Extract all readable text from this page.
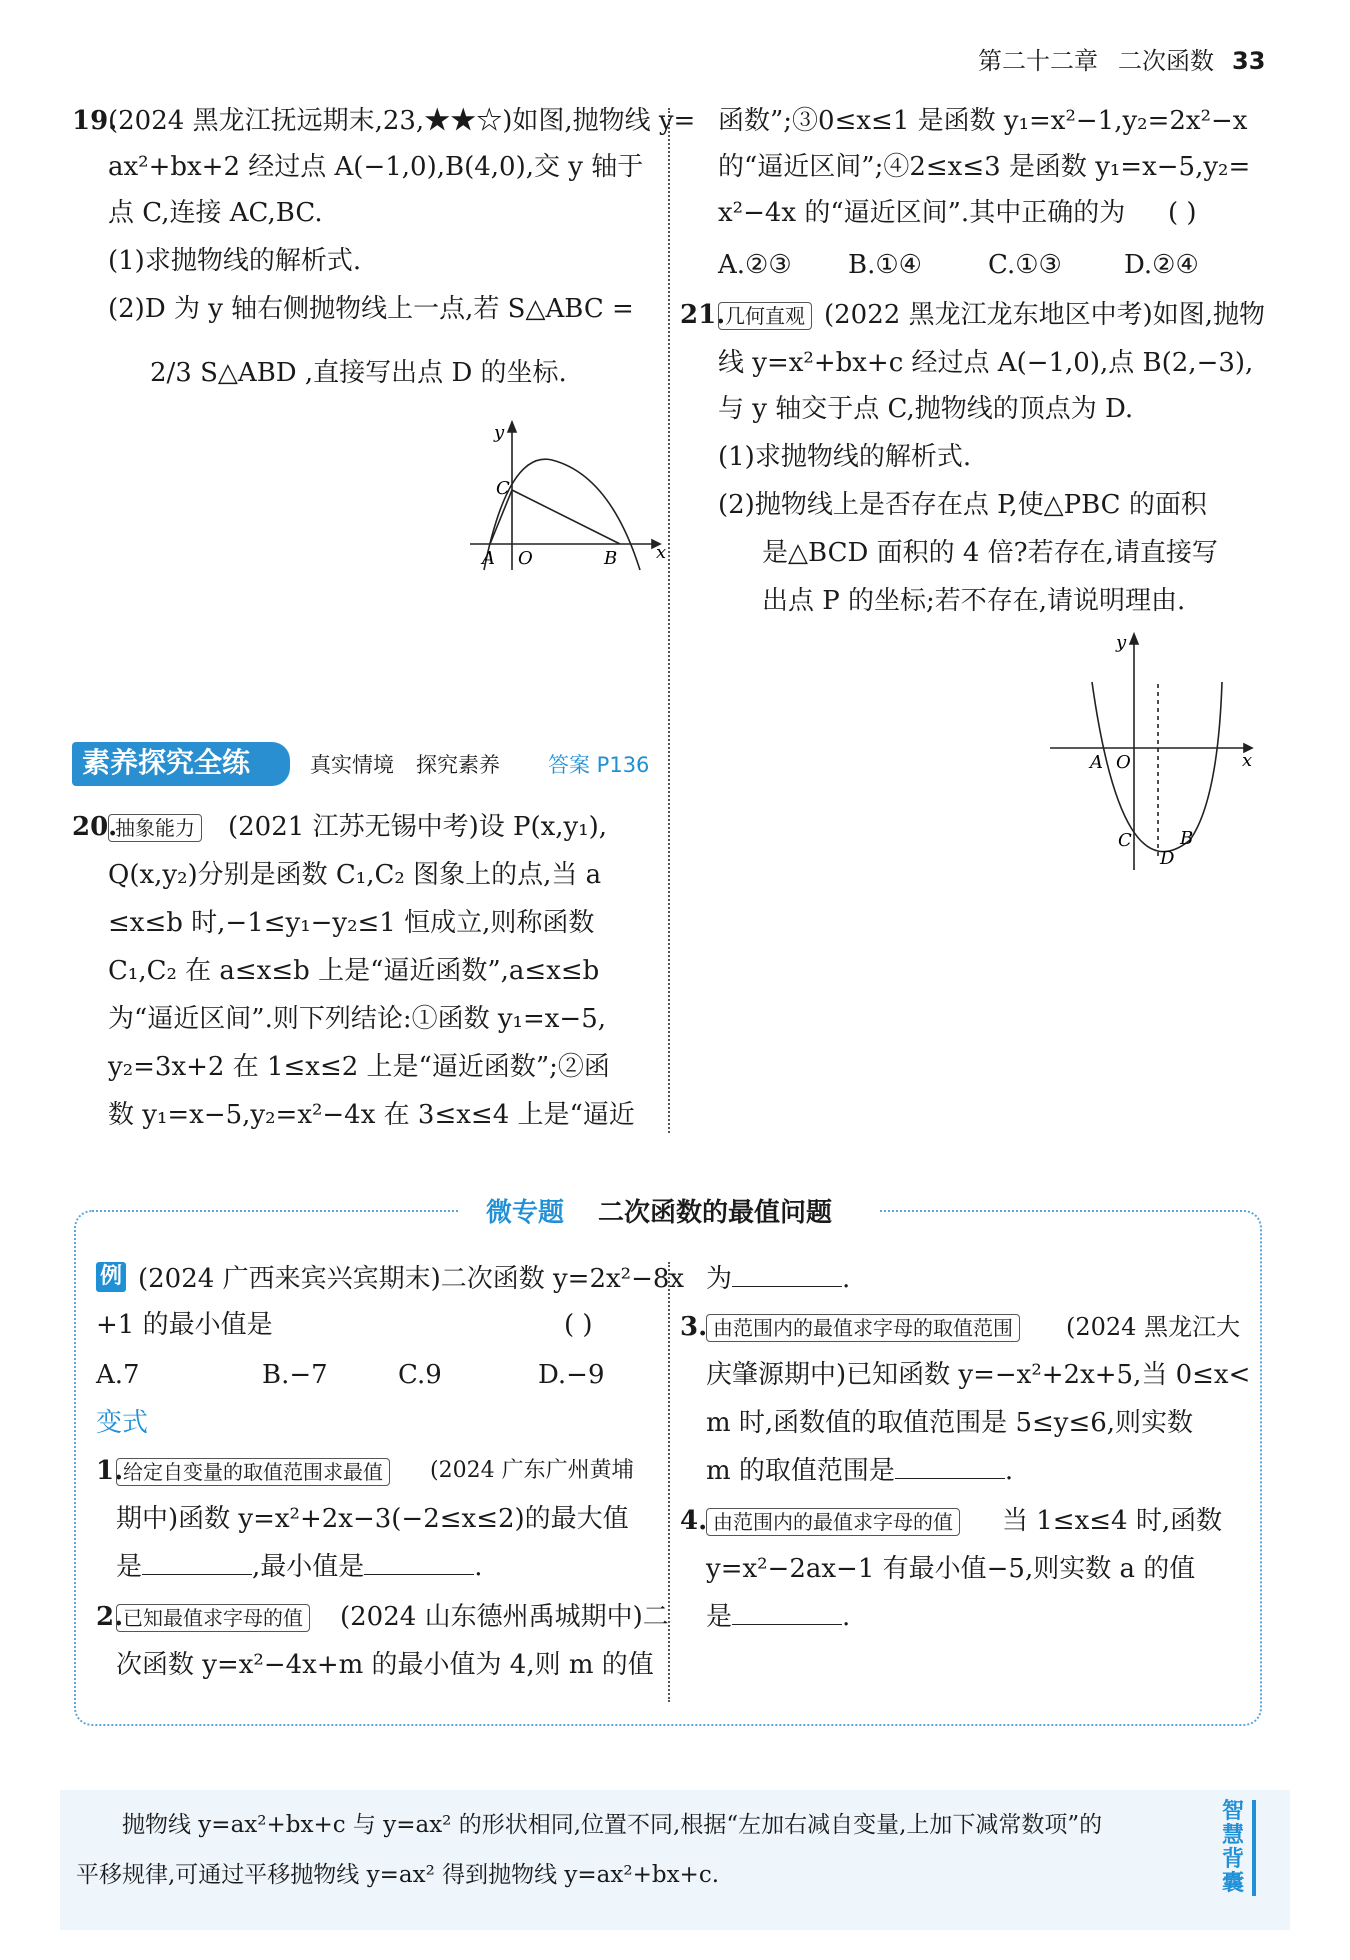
第二十二章 二次函数 33
19.
(2024 黑龙江抚远期末,23,★★☆)如图,抛物线 y=
ax²+bx+2 经过点 A(−1,0),B(4,0),交 y 轴于
点 C,连接 AC,BC.
(1)求抛物线的解析式.
(2)D 为 y 轴右侧抛物线上一点,若 S△ABC =
2/3 S△ABD ,直接写出点 D 的坐标.
y
x
C
A O	B
素养探究全练	真实情境 探究素养 答案 P136
20.
抽象能力 (2021 江苏无锡中考)设 P(x,y₁),
Q(x,y₂)分别是函数 C₁,C₂ 图象上的点,当 a
≤x≤b 时,−1≤y₁−y₂≤1 恒成立,则称函数
C₁,C₂ 在 a≤x≤b 上是“逼近函数”,a≤x≤b
为“逼近区间”.则下列结论:①函数 y₁=x−5,
y₂=3x+2 在 1≤x≤2 上是“逼近函数”;②函
数 y₁=x−5,y₂=x²−4x 在 3≤x≤4 上是“逼近
函数”;③0≤x≤1 是函数 y₁=x²−1,y₂=2x²−x
的“逼近区间”;④2≤x≤3 是函数 y₁=x−5,y₂=
x²−4x 的“逼近区间”.其中正确的为 ( )
A.②③ B.①④	C.①③ D.②④
21. 几何直观 (2022 黑龙江龙东地区中考)如图,抛物
线 y=x²+bx+c 经过点 A(−1,0),点 B(2,−3),
与 y 轴交于点 C,抛物线的顶点为 D.
(1)求抛物线的解析式.
(2)抛物线上是否存在点 P,使△PBC 的面积
是△BCD 面积的 4 倍?若存在,请直接写
出点 P 的坐标;若不存在,请说明理由.
y
x
A O
C	B
D
微专题 二次函数的最值问题
例 (2024 广西来宾兴宾期末)二次函数 y=2x²−8x
+1 的最小值是	( )
A.7	B.−7	C.9	D.−9
变式
1. 给定自变量的取值范围求最值	(2024 广东广州黄埔
期中)函数 y=x²+2x−3(−2≤x≤2)的最大值
是	,最小值是	.
2. 已知最值求字母的值 (2024 山东德州禹城期中)二
次函数 y=x²−4x+m 的最小值为 4,则 m 的值
为	.
3. 由范围内的最值求字母的取值范围 (2024 黑龙江大
庆肇源期中)已知函数 y=−x²+2x+5,当 0≤x<
m 时,函数值的取值范围是 5≤y≤6,则实数
m 的取值范围是	.
4. 由范围内的最值求字母的值 当 1≤x≤4 时,函数
y=x²−2ax−1 有最小值−5,则实数 a 的值
是	.
抛物线 y=ax²+bx+c 与 y=ax² 的形状相同,位置不同,根据“左加右减自变量,上加下减常数项”的
平移规律,可通过平移抛物线 y=ax² 得到抛物线 y=ax²+bx+c.
智慧背囊
